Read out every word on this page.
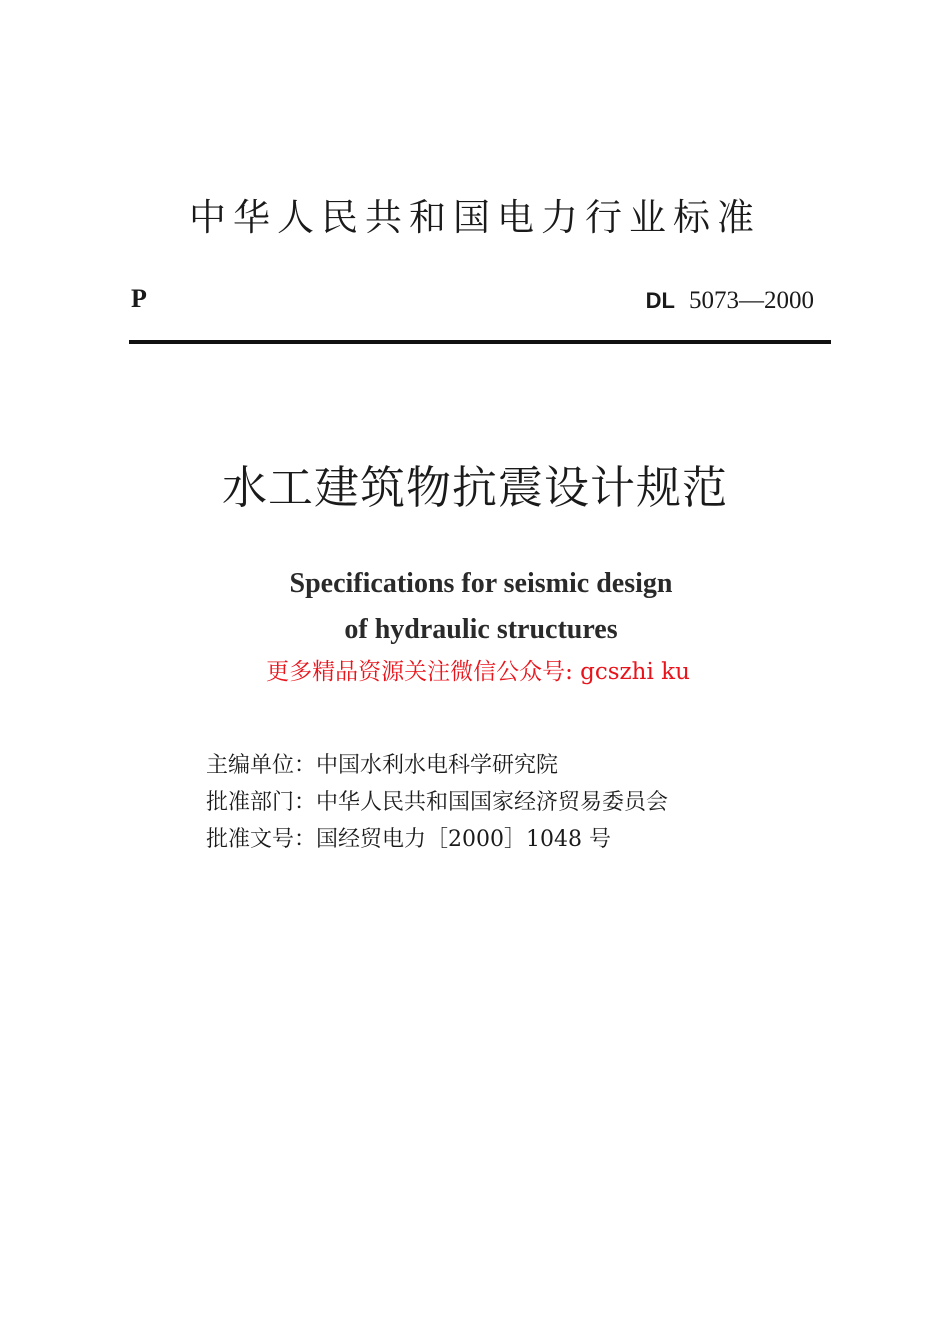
中华人民共和国电力行业标准
P	DL 5073—2000
水工建筑物抗震设计规范
Specifications for seismic design
of hydraulic structures
更多精品资源关注微信公众号: gcszhi ku
主编单位：中国水利水电科学研究院
批准部门：中华人民共和国国家经济贸易委员会
批准文号：国经贸电力［2000］1048 号
